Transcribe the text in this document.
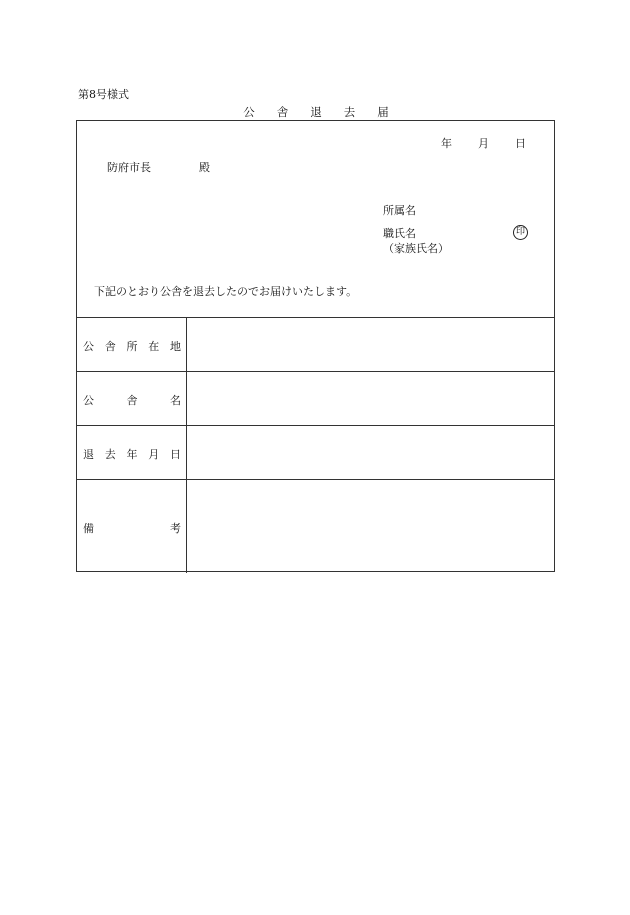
第8号様式
公舎退去届
年 月 日
防府市長	殿
所属名
職氏名
（家族氏名）
印
下記のとおり公舎を退去したのでお届けいたします。
公 舎 所 在 地
公	舎	名
退 去 年 月 日
備	考
